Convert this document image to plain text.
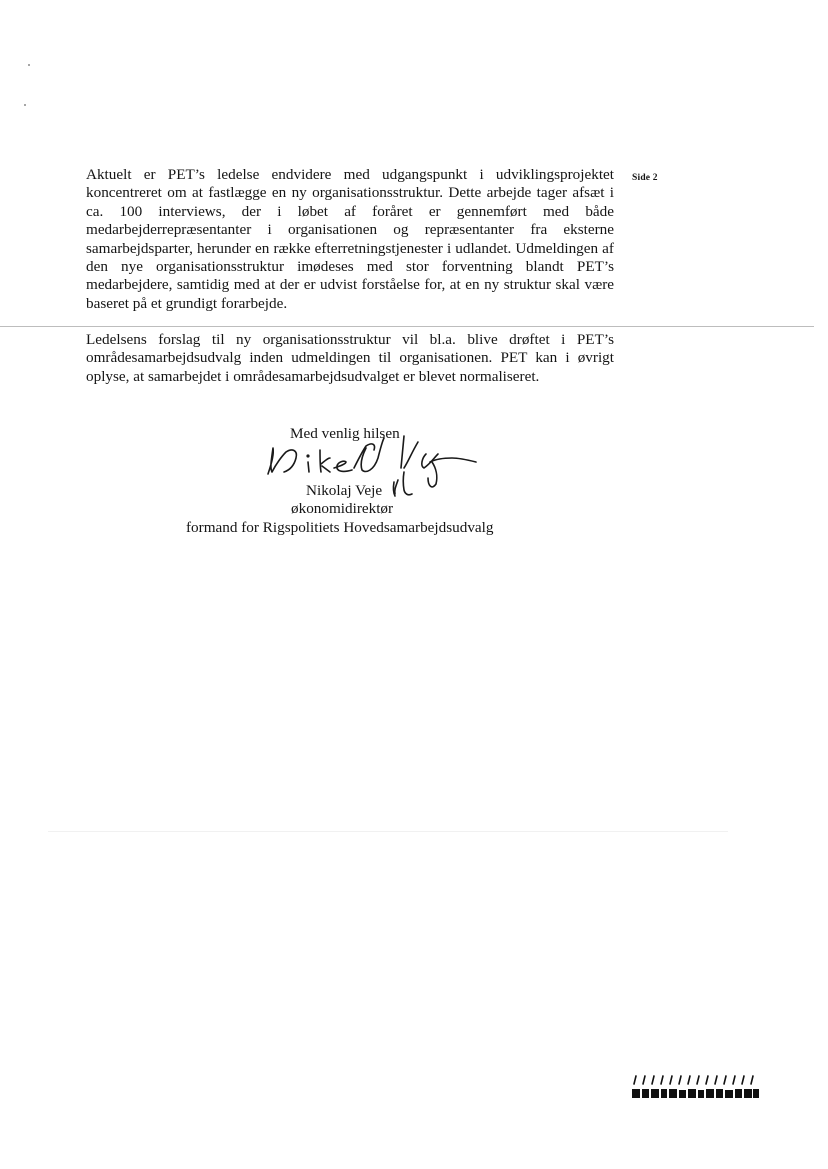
Side 2

Aktuelt er PET’s ledelse endvidere med udgangspunkt i udviklingsprojektet koncentreret om at fastlægge en ny organisationsstruktur. Dette arbejde tager afsæt i ca. 100 interviews, der i løbet af foråret er gennemført med både medarbejderrepræsentanter i organisationen og repræsentanter fra eksterne samarbejdsparter, herunder en række efterretningstjenester i udlandet. Udmeldingen af den nye organisationsstruktur imødeses med stor forventning blandt PET’s medarbejdere, samtidig med at der er udvist forståelse for, at en ny struktur skal være baseret på et grundigt forarbejde.

Ledelsens forslag til ny organisationsstruktur vil bl.a. blive drøftet i PET’s områdesamarbejdsudvalg inden udmeldingen til organisationen. PET kan i øvrigt oplyse, at samarbejdet i områdesamarbejdsudvalget er blevet normaliseret.

Med venlig hilsen
Nikolaj Veje
økonomidirektør
formand for Rigspolitiets Hovedsamarbejdsudvalg
